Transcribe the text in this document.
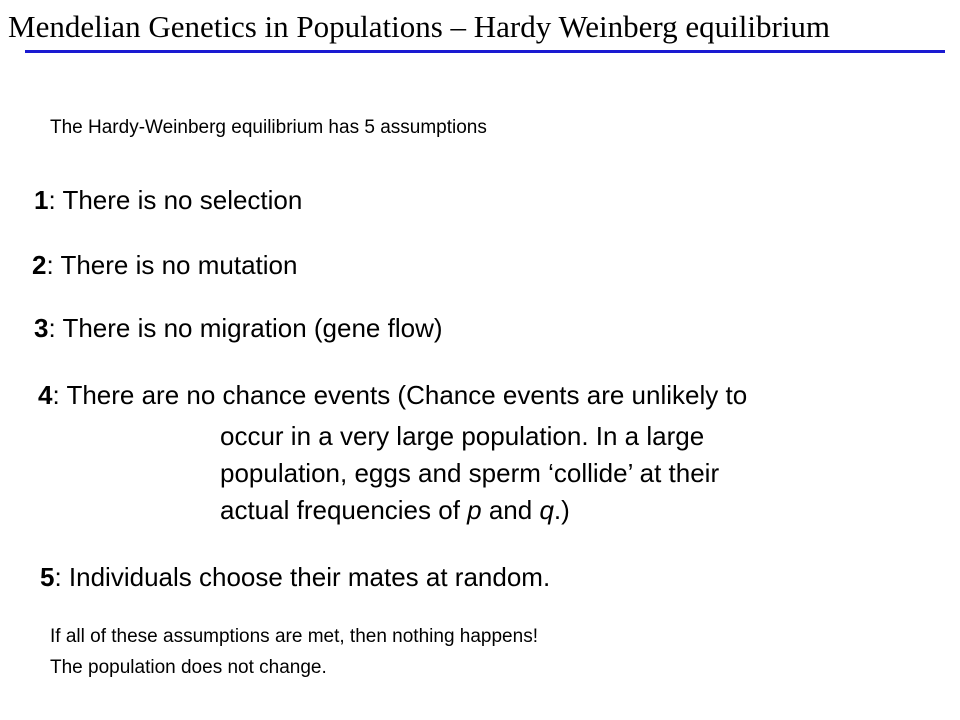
Mendelian Genetics in Populations – Hardy Weinberg equilibrium
The Hardy-Weinberg equilibrium has 5 assumptions
1: There is no selection
2: There is no mutation
3: There is no migration (gene flow)
4: There are no chance events (Chance events are unlikely to
occur in a very large population. In a large
population, eggs and sperm ‘collide’ at their
actual frequencies of p and q.)
5: Individuals choose their mates at random.
If all of these assumptions are met, then nothing happens!
The population does not change.
